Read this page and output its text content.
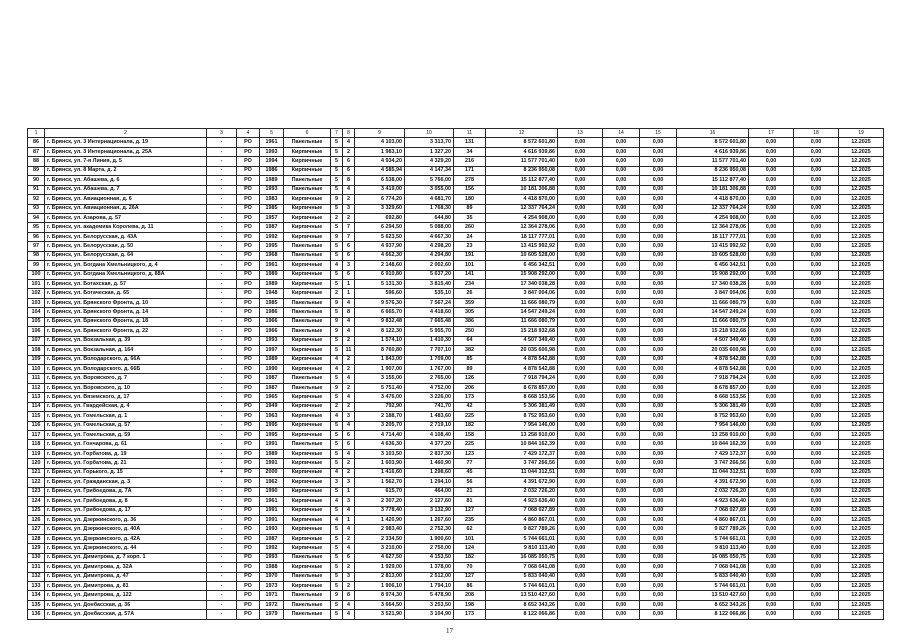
1	2	3	4	5	6	7	8	9	10	11	12	13	14	15	16	17	18	19
86	г. Брянск, ул. 3 Интернационала, д. 19	-	РО	1961	Панельные	5	4	4 103,00	3 313,70	131	8 572 601,80	0,00	0,00	0,00	8 572 601,80	0,00	0,00	12.2025
87	г. Брянск, ул. 3 Интернационала, д. 25А	-	РО	1993	Кирпичные	5	2	1 983,10	1 327,20	34	4 616 939,86	0,00	0,00	0,00	4 616 939,86	0,00	0,00	12.2025
88	г. Брянск, ул. 7-я Линия, д. 5	-	РО	1994	Кирпичные	5	6	4 934,20	4 329,20	216	11 577 701,40	0,00	0,00	0,00	11 577 701,40	0,00	0,00	12.2025
89	г. Брянск, ул. 8 Марта, д. 2	-	РО	1986	Кирпичные	5	6	4 585,94	4 147,34	171	8 236 950,08	0,00	0,00	0,00	8 236 950,08	0,00	0,00	12.2025
90	г. Брянск, ул. Абашева, д. 6	-	РО	1989	Панельные	5	8	6 538,00	5 766,00	278	15 112 877,40	0,00	0,00	0,00	15 112 877,40	0,00	0,00	12.2025
91	г. Брянск, ул. Абашева, д. 7	-	РО	1993	Панельные	5	4	3 419,00	3 055,00	156	10 181 306,88	0,00	0,00	0,00	10 181 306,88	0,00	0,00	12.2025
92	г. Брянск, ул. Авиационная, д. 6	-	РО	1983	Кирпичные	9	2	6 774,20	4 681,70	180	4 418 870,00	0,00	0,00	0,00	4 418 870,00	0,00	0,00	12.2025
93	г. Брянск, ул. Авиационная, д. 26А	-	РО	1985	Кирпичные	5	3	3 329,60	1 768,30	89	12 337 764,24	0,00	0,00	0,00	12 337 764,24	0,00	0,00	12.2025
94	г. Брянск, ул. Азарова, д. 57	-	РО	1957	Кирпичные	2	2	692,80	644,80	35	4 254 908,00	0,00	0,00	0,00	4 254 908,00	0,00	0,00	12.2025
95	г. Брянск, ул. академика Королева, д. 11	-	РО	1987	Кирпичные	5	7	6 294,50	5 088,00	260	12 364 278,06	0,00	0,00	0,00	12 364 278,06	0,00	0,00	12.2025
96	г. Брянск, ул. Белорусская, д. 43А	-	РО	1992	Кирпичные	9	7	5 623,50	4 667,30	24	18 117 777,01	0,00	0,00	0,00	18 117 777,01	0,00	0,00	12.2025
97	г. Брянск, ул. Белорусская, д. 50	-	РО	1995	Панельные	5	6	4 937,90	4 298,20	23	13 415 992,92	0,00	0,00	0,00	13 415 992,92	0,00	0,00	12.2025
98	г. Брянск, ул. Белорусская, д. 64	-	РО	1968	Панельные	5	6	4 662,30	4 294,80	191	10 605 528,00	0,00	0,00	0,00	10 605 528,00	0,00	0,00	12.2025
99	г. Брянск, ул. Богдана Хмельницкого, д. 4	-	РО	1961	Кирпичные	4	3	2 148,60	2 002,60	101	6 456 342,51	0,00	0,00	0,00	6 456 342,51	0,00	0,00	12.2025
100	г. Брянск, ул. Богдана Хмельницкого, д. 88А	-	РО	1989	Кирпичные	5	6	6 910,80	5 637,20	141	15 908 292,00	0,00	0,00	0,00	15 908 292,00	0,00	0,00	12.2025
101	г. Брянск, ул. Ботахская, д. 57	-	РО	1989	Кирпичные	5	1	5 131,30	3 815,40	234	17 340 038,28	0,00	0,00	0,00	17 340 038,28	0,00	0,00	12.2025
102	г. Брянск, ул. Ботаческая, д. 65	-	РО	1948	Кирпичные	2	1	596,60	535,10	26	3 847 004,06	0,00	0,00	0,00	3 847 004,06	0,00	0,00	12.2025
103	г. Брянск, ул. Брянского Фронта, д. 10	-	РО	1985	Панельные	9	4	9 576,30	7 567,24	359	11 666 080,79	0,00	0,00	0,00	11 666 080,79	0,00	0,00	12.2025
104	г. Брянск, ул. Брянского Фронта, д. 14	-	РО	1986	Панельные	5	8	6 665,70	4 418,60	305	14 547 249,24	0,00	0,00	0,00	14 547 249,24	0,00	0,00	12.2025
105	г. Брянск, ул. Брянского Фронта, д. 18	-	РО	1966	Панельные	9	4	9 832,48	7 665,48	386	11 666 080,79	0,00	0,00	0,00	11 666 080,79	0,00	0,00	12.2025
106	г. Брянск, ул. Брянского Фронта, д. 22	-	РО	1966	Панельные	9	4	8 122,30	5 955,70	250	15 218 932,68	0,00	0,00	0,00	15 218 932,68	0,00	0,00	12.2025
107	г. Брянск, ул. Вокзальная, д. 39	-	РО	1993	Кирпичные	5	2	1 574,10	1 410,30	64	4 507 349,40	0,00	0,00	0,00	4 507 349,40	0,00	0,00	12.2025
108	г. Брянск, ул. Вокзальная, д. 164	-	РО	1997	Кирпичные	5	11	8 760,80	7 707,10	382	20 035 600,98	0,00	0,00	0,00	20 035 600,98	0,00	0,00	12.2025
109	г. Брянск, ул. Володарского, д. 66А	-	РО	1989	Кирпичные	4	2	1 843,00	1 709,00	85	4 878 542,88	0,00	0,00	0,00	4 878 542,88	0,00	0,00	12.2025
110	г. Брянск, ул. Володарского, д. 66Б	-	РО	1990	Кирпичные	4	2	1 907,00	1 767,00	89	4 878 542,88	0,00	0,00	0,00	4 878 542,88	0,00	0,00	12.2025
111	г. Брянск, ул. Воровского, д. 7	-	РО	1987	Панельные	5	4	3 155,00	2 765,00	126	7 918 794,24	0,00	0,00	0,00	7 918 794,24	0,00	0,00	12.2025
112	г. Брянск, ул. Воровского, д. 10	-	РО	1987	Панельные	9	2	5 751,40	4 752,00	206	8 678 857,00	0,00	0,00	0,00	8 678 857,00	0,00	0,00	12.2025
113	г. Брянск, ул. Вяземского, д. 17	-	РО	1965	Кирпичные	5	4	3 476,00	3 226,00	173	8 668 153,56	0,00	0,00	0,00	8 668 153,56	0,00	0,00	12.2025
114	г. Брянск, ул. Гвардейская, д. 4	-	РО	1949	Кирпичные	2	2	792,90	741,70	42	5 306 381,49	0,00	0,00	0,00	5 306 381,49	0,00	0,00	12.2025
115	г. Брянск, ул. Гомельская, д. 1	-	РО	1963	Кирпичные	4	3	2 188,70	1 483,60	225	8 752 953,60	0,00	0,00	0,00	8 752 953,60	0,00	0,00	12.2025
116	г. Брянск, ул. Гомельская, д. 57	-	РО	1995	Кирпичные	5	4	3 205,70	2 719,10	182	7 954 146,00	0,00	0,00	0,00	7 954 146,00	0,00	0,00	12.2025
117	г. Брянск, ул. Гомельская, д. 59	-	РО	1995	Кирпичные	5	6	4 714,40	4 108,40	158	13 258 910,00	0,00	0,00	0,00	13 258 910,00	0,00	0,00	12.2025
118	г. Брянск, ул. Гончарова, д. 61	-	РО	1991	Панельные	5	6	4 636,30	4 377,20	225	10 844 162,39	0,00	0,00	0,00	10 844 162,39	0,00	0,00	12.2025
119	г. Брянск, ул. Горбатова, д. 19	-	РО	1989	Кирпичные	5	4	3 103,50	2 837,30	123	7 429 172,37	0,00	0,00	0,00	7 429 172,37	0,00	0,00	12.2025
120	г. Брянск, ул. Горбатова, д. 21	-	РО	1991	Кирпичные	5	2	1 603,90	1 460,90	77	3 747 266,56	0,00	0,00	0,00	3 747 266,56	0,00	0,00	12.2025
121	г. Брянск, ул. Горького, д. 15	+	РО	2000	Кирпичные	4	2	1 416,60	1 298,60	45	11 044 312,51	0,00	0,00	0,00	11 044 312,51	0,00	0,00	12.2025
122	г. Брянск, ул. Гражданская, д. 3	-	РО	1962	Кирпичные	3	3	1 562,70	1 294,10	56	4 391 672,90	0,00	0,00	0,00	4 391 672,90	0,00	0,00	12.2025
123	г. Брянск, ул. Грибоедова, д. 7А	-	РО	1990	Кирпичные	5	1	615,70	464,00	21	2 032 726,20	0,00	0,00	0,00	2 032 726,20	0,00	0,00	12.2025
124	г. Брянск, ул. Грибоедова, д. 8	-	РО	1961	Кирпичные	4	3	2 307,20	2 127,60	81	4 923 636,40	0,00	0,00	0,00	4 923 636,40	0,00	0,00	12.2025
125	г. Брянск, ул. Грибоедова, д. 17	-	РО	1991	Кирпичные	5	4	3 778,40	3 132,90	127	7 068 027,89	0,00	0,00	0,00	7 068 027,89	0,00	0,00	12.2025
126	г. Брянск, ул. Дзержинского, д. 36	-	РО	1991	Кирпичные	4	1	1 420,90	1 267,60	235	4 860 867,01	0,00	0,00	0,00	4 860 867,01	0,00	0,00	12.2025
127	г. Брянск, ул. Дзержинского, д. 40А	-	РО	1993	Кирпичные	5	4	2 983,40	2 752,30	62	9 827 789,26	0,00	0,00	0,00	9 827 789,26	0,00	0,00	12.2025
128	г. Брянск, ул. Дзержинского, д. 42А	-	РО	1987	Кирпичные	5	2	2 334,50	1 900,60	101	5 744 661,01	0,00	0,00	0,00	5 744 661,01	0,00	0,00	12.2025
129	г. Брянск, ул. Дзержинского, д. 44	-	РО	1992	Кирпичные	5	4	3 210,00	2 750,00	124	9 810 113,40	0,00	0,00	0,00	9 810 113,40	0,00	0,00	12.2025
130	г. Брянск, ул. Димитрова, д. 7 корп. 1	-	РО	1993	Панельные	5	6	4 627,50	4 153,50	182	16 085 050,75	0,00	0,00	0,00	16 085 050,75	0,00	0,00	12.2025
131	г. Брянск, ул. Димитрова, д. 32А	-	РО	1988	Кирпичные	5	2	1 929,00	1 378,00	70	7 068 041,08	0,00	0,00	0,00	7 068 041,08	0,00	0,00	12.2025
132	г. Брянск, ул. Димитрова, д. 47	-	РО	1970	Панельные	5	3	2 813,00	2 512,00	127	5 833 040,40	0,00	0,00	0,00	5 833 040,40	0,00	0,00	12.2025
133	г. Брянск, ул. Димитрова, д. 81	-	РО	1973	Кирпичные	5	2	1 906,10	1 794,10	86	5 744 661,01	0,00	0,00	0,00	5 744 661,01	0,00	0,00	12.2025
134	г. Брянск, ул. Димитрова, д. 122	-	РО	1971	Панельные	9	8	8 974,30	5 478,90	208	13 510 427,60	0,00	0,00	0,00	13 510 427,60	0,00	0,00	12.2025
135	г. Брянск, ул. Донбасская, д. 36	-	РО	1972	Панельные	5	4	3 664,50	3 253,50	198	8 652 343,26	0,00	0,00	0,00	8 652 343,26	0,00	0,00	12.2025
136	г. Брянск, ул. Донбасская, д. 57А	-	РО	1979	Панельные	5	4	3 521,90	3 104,90	173	8 122 066,86	0,00	0,00	0,00	8 122 066,86	0,00	0,00	12.2025
17
